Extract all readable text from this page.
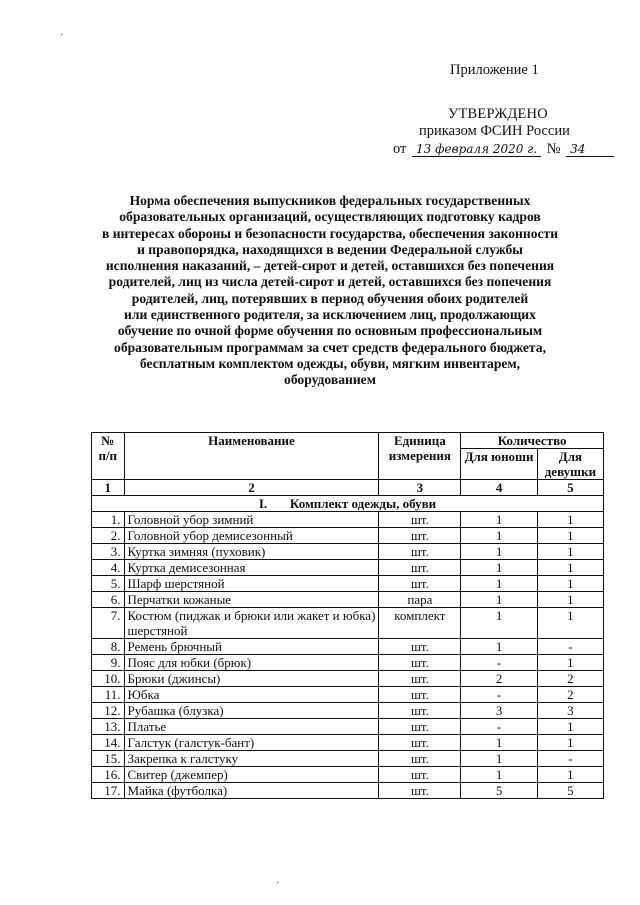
Приложение 1
УТВЕРЖДЕНО
приказом ФСИН России
от 13 февраля 2020 г. № 34
Норма обеспечения выпускников федеральных государственных
образовательных организаций, осуществляющих подготовку кадров
в интересах обороны и безопасности государства, обеспечения законности
и правопорядка, находящихся в ведении Федеральной службы
исполнения наказаний, – детей-сирот и детей, оставшихся без попечения
родителей, лиц из числа детей-сирот и детей, оставшихся без попечения
родителей, лиц, потерявших в период обучения обоих родителей
или единственного родителя, за исключением лиц, продолжающих
обучение по очной форме обучения по основным профессиональным
образовательным программам за счет средств федерального бюджета,
бесплатным комплектом одежды, обуви, мягким инвентарем,
оборудованием
№ п/п	Наименование	Единица измерения	Количество	
			Для юноши	Для девушки
1	2	3	4	5
I. Комплект одежды, обуви				
1.	Головной убор зимний	шт.	1	1
2.	Головной убор демисезонный	шт.	1	1
3.	Куртка зимняя (пуховик)	шт.	1	1
4.	Куртка демисезонная	шт.	1	1
5.	Шарф шерстяной	шт.	1	1
6.	Перчатки кожаные	пара	1	1
7.	Костюм (пиджак и брюки или жакет и юбка) шерстяной	комплект	1	1
8.	Ремень брючный	шт.	1	-
9.	Пояс для юбки (брюк)	шт.	-	1
10.	Брюки (джинсы)	шт.	2	2
11.	Юбка	шт.	-	2
12.	Рубашка (блузка)	шт.	3	3
13.	Платье	шт.	-	1
14.	Галстук (галстук-бант)	шт.	1	1
15.	Закрепка к галстуку	шт.	1	-
16.	Свитер (джемпер)	шт.	1	1
17.	Майка (футболка)	шт.	5	5
·
·
